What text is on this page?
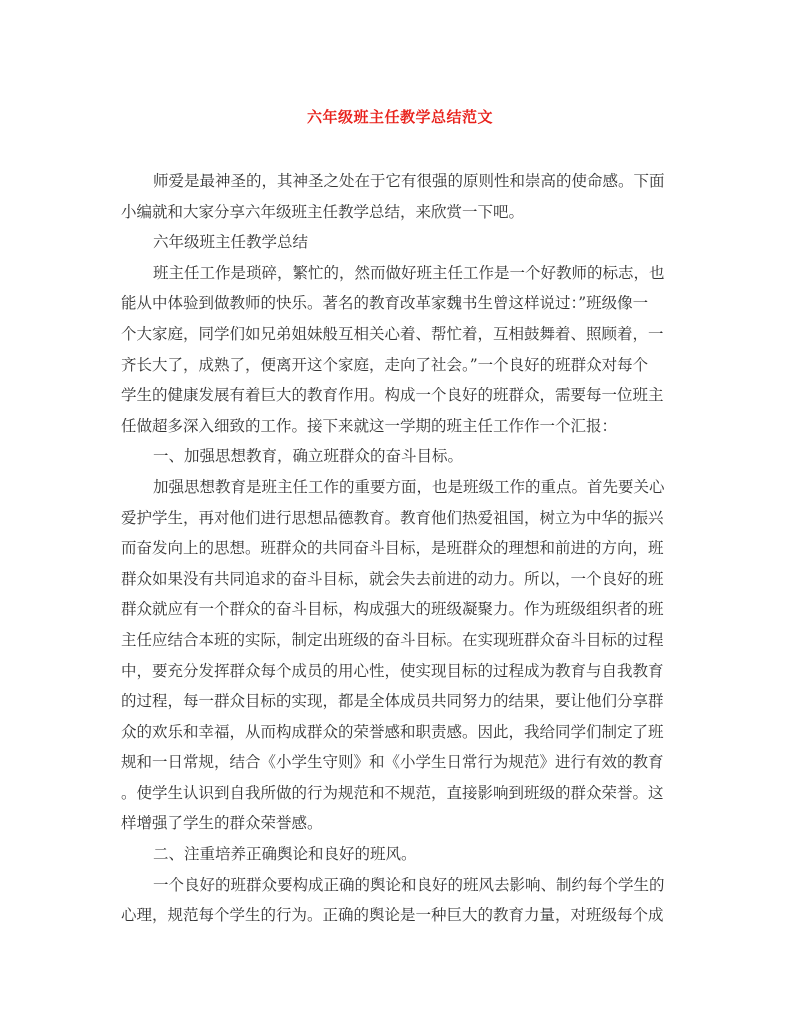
六年级班主任教学总结范文
师爱是最神圣的，其神圣之处在于它有很强的原则性和崇高的使命感。下面
小编就和大家分享六年级班主任教学总结，来欣赏一下吧。
六年级班主任教学总结
班主任工作是琐碎，繁忙的，然而做好班主任工作是一个好教师的标志，也
能从中体验到做教师的快乐。著名的教育改革家魏书生曾这样说过：”班级像一
个大家庭，同学们如兄弟姐妹般互相关心着、帮忙着，互相鼓舞着、照顾着，一
齐长大了，成熟了，便离开这个家庭，走向了社会。”一个良好的班群众对每个
学生的健康发展有着巨大的教育作用。构成一个良好的班群众，需要每一位班主
任做超多深入细致的工作。接下来就这一学期的班主任工作作一个汇报：
一、加强思想教育，确立班群众的奋斗目标。
加强思想教育是班主任工作的重要方面，也是班级工作的重点。首先要关心
爱护学生，再对他们进行思想品德教育。教育他们热爱祖国，树立为中华的振兴
而奋发向上的思想。班群众的共同奋斗目标，是班群众的理想和前进的方向，班
群众如果没有共同追求的奋斗目标，就会失去前进的动力。所以，一个良好的班
群众就应有一个群众的奋斗目标，构成强大的班级凝聚力。作为班级组织者的班
主任应结合本班的实际，制定出班级的奋斗目标。在实现班群众奋斗目标的过程
中，要充分发挥群众每个成员的用心性，使实现目标的过程成为教育与自我教育
的过程，每一群众目标的实现，都是全体成员共同努力的结果，要让他们分享群
众的欢乐和幸福，从而构成群众的荣誉感和职责感。因此，我给同学们制定了班
规和一日常规，结合《小学生守则》和《小学生日常行为规范》进行有效的教育
。使学生认识到自我所做的行为规范和不规范，直接影响到班级的群众荣誉。这
样增强了学生的群众荣誉感。
二、注重培养正确舆论和良好的班风。
一个良好的班群众要构成正确的舆论和良好的班风去影响、制约每个学生的
心理，规范每个学生的行为。正确的舆论是一种巨大的教育力量，对班级每个成
